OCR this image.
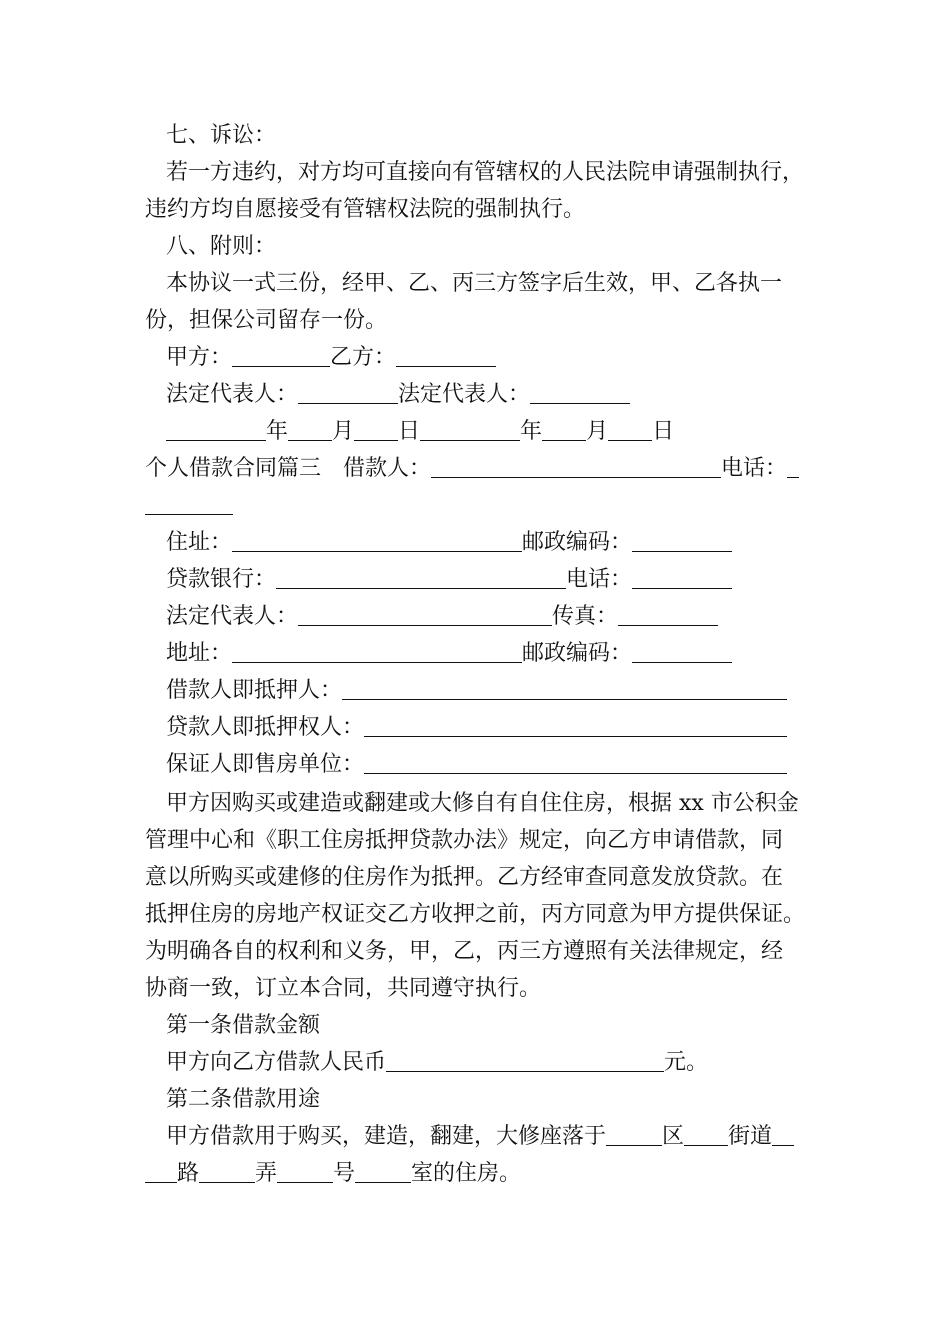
七、诉讼：
若一方违约，对方均可直接向有管辖权的人民法院申请强制执行，
违约方均自愿接受有管辖权法院的强制执行。
八、附则：
本协议一式三份，经甲、乙、丙三方签字后生效，甲、乙各执一
份，担保公司留存一份。
甲方：	乙方：
法定代表人：	法定代表人：
年 月 日	年 月 日
个人借款合同篇三 借款人：	电话：
住址：	邮政编码：
贷款银行：	电话：
法定代表人：	传真：
地址：	邮政编码：
借款人即抵押人：
贷款人即抵押权人：
保证人即售房单位：
甲方因购买或建造或翻建或大修自有自住住房，根据 xx 市公积金
管理中心和《职工住房抵押贷款办法》规定，向乙方申请借款，同
意以所购买或建修的住房作为抵押。乙方经审查同意发放贷款。在
抵押住房的房地产权证交乙方收押之前，丙方同意为甲方提供保证。
为明确各自的权利和义务，甲，乙，丙三方遵照有关法律规定，经
协商一致，订立本合同，共同遵守执行。
第一条借款金额
甲方向乙方借款人民币	元。
第二条借款用途
甲方借款用于购买，建造，翻建，大修座落于	区 街道
路	弄	号	室的住房。
